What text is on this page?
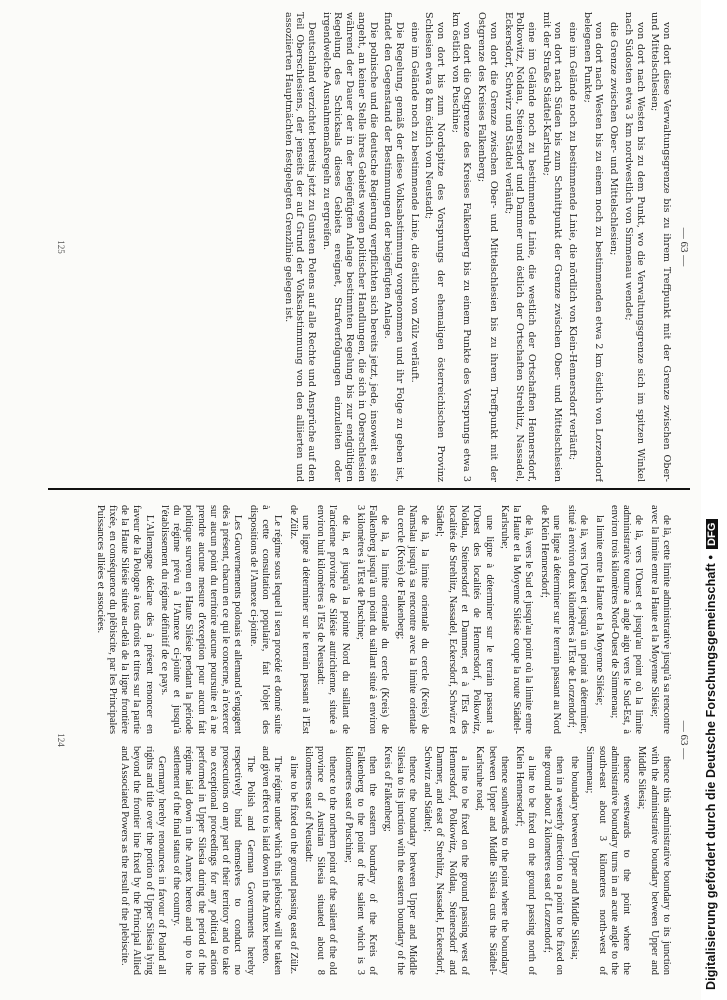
— 63 —

de là, cette limite administrative jusqu'à sa rencontre avec la limite entre la Haute et la Moyenne Silésie;

de là, vers l'Ouest et jusqu'au point où la limite administrative tourne à angle aigu vers le Sud-Est, à environ trois kilomètres Nord-Ouest de Simmenau;

la limite entre la Haute et la Moyenne Silésie;

de là, vers l'Ouest et jusqu'à un point à déterminer, situé à environ deux kilomètres à l'Est de Lorzendorf;

une ligne à déterminer sur le terrain passant au Nord de Klein Hennersdorf;

de là, vers le Sud et jusqu'au point où la limite entre la Haute et la Moyenne Silésie coupe la route Städtel-Karlsruhe;

une ligne à déterminer sur le terrain passant à l'Ouest des localités de Hennersdorf, Polkowitz, Noldau, Steinersdorf et Dammer, et à l'Est des localités de Strehlitz, Nassadel, Eckersdorf, Schwirz et Städtel;

de là, la limite orientale du cercle (Kreis) de Namslau jusqu'à sa rencontre avec la limite orientale du cercle (Kreis) de Falkenberg;

de là, la limite orientale du cercle (Kreis) de Falkenberg jusqu'à un point du saillant situé à environ 3 kilomètres à l'Est de Puschine;

de là, et jusqu'à la pointe Nord du saillant de l'ancienne province de Silésie autrichienne, située à environ huit kilomètres à l'Est de Neustadt:

une ligne à déterminer sur le terrain passant à l'Est de Zülz.

Le régime sous lequel il sera procédé et donné suite à cette consultation populaire, fait l'objet des dispositions de l'Annexe ci-jointe.

Les Gouvernements polonais et allemand s'engagent dès à présent, chacun en ce qui le concerne, à n'exercer sur aucun point du territoire aucune poursuite et à ne prendre aucune mesure d'exception pour aucun fait politique survenu en Haute Silésie pendant la période du régime prévu à l'Annexe ci-jointe et jusqu'à l'établissement du régime définitif de ce pays.

L'Allemagne déclare dès à présent renoncer en faveur de la Pologne à tous droits et titres sur la partie de la Haute Silésie située au-delà de la ligne frontière fixée, en conséquence du plébiscite, par les Principales Puissances alliées et associées.

thence this administrative boundary to its junction with the administrative boundary between Upper and Middle Silesia;

thence westwards to the point where the administrative boundary turns in an acute angle to the south-east about 3 kilometres north-west of Simmenau;

the boundary between Upper and Middle Silesia;

then in a westerly direction to a point to be fixed on the ground about 2 kilometres east of Lorzendorf;

a line to be fixed on the ground passing north of Klein Hennersdorf;

thence southwards to the point where the boundary between Upper and Middle Silesia cuts the Städtel-Karlsruhe road;

a line to be fixed on the ground passing west of Hennersdorf, Polkowitz, Noldau, Steinersdorf and Dammer, and east of Strehlitz, Nassadel, Eckersdorf, Schwirz and Städtel;

thence the boundary between Upper and Middle Silesia to its junction with the eastern boundary of the Kreis of Falkenberg;

then the eastern boundary of the Kreis of Falkenberg to the point of the salient which is 3 kilometres east of Puschine;

thence to the northern point of the salient of the old province of Austrian Silesia situated about 8 kilometres east of Neustadt:

a line to be fixed on the ground passing east of Zülz.

The régime under which this plebiscite will be taken and given effect to is laid down in the Annex hereto.

The Polish and German Governments hereby respectively bind themselves to conduct no prosecutions on any part of their territory and to take no exceptional proceedings for any political action performed in Upper Silesia during the period of the régime laid down in the Annex hereto and up to the settlement of the final status of the country.

Germany hereby renounces in favour of Poland all rights and title over the portion of Upper Silesia lying beyond the frontier line fixed by the Principal Allied and Associated Powers as the result of the plebiscite.

124
— 63 —

von dort diese Verwaltungsgrenze bis zu ihrem Treffpunkt mit der Grenze zwischen Ober- und Mittelschlesien;

von dort nach Westen bis zu dem Punkt, wo die Verwaltungsgrenze sich im spitzen Winkel nach Südosten etwa 3 km nordwestlich von Simmenau wendet;

die Grenze zwischen Ober- und Mittelschlesien;

von dort nach Westen bis zu einem noch zu bestimmenden etwa 2 km östlich von Lorzendorf belegenen Punkte;

eine im Gelände noch zu bestimmende Linie, die nördlich von Klein-Hennersdorf verläuft;

von dort nach Süden bis zum Schnittpunkt der Grenze zwischen Ober- und Mittelschlesien mit der Straße Städtel-Karlsruhe;

eine im Gelände noch zu bestimmende Linie, die westlich der Ortschaften Hennersdorf, Polkowitz, Noldau, Steinersdorf und Dammer und östlich der Ortschaften Strehlitz, Nassadel, Eckersdorf, Schwirz und Städtel verläuft;

von dort die Grenze zwischen Ober- und Mittelschlesien bis zu ihrem Treffpunkt mit der Ostgrenze des Kreises Falkenberg;

von dort die Ostgrenze des Kreises Falkenberg bis zu einem Punkte des Vorsprungs etwa 3 km östlich von Puschine;

von dort bis zum Nordspitze des Vorsprungs der ehemaligen österreichischen Provinz Schlesien etwa 8 km östlich von Neustadt;

eine im Gelände noch zu bestimmende Linie, die östlich von Zülz verläuft.

Die Regelung, gemäß der diese Volksabstimmung vorgenommen und ihr Folge zu geben ist, findet den Gegenstand der Bestimmungen der beigefügten Anlage.

Die polnische und die deutsche Regierung verpflichten sich bereits jetzt, jede, insoweit es sie angeht, an keiner Stelle ihres Gebiets wegen politischer Handlungen, die sich in Oberschlesien während der Dauer der in der beigefügten Anlage bestimmten Regelung bis zur endgültigen Regelung des Schicksals dieses Gebiets ereignet, Strafverfolgungen einzuleiten oder irgendwelche Ausnahmemaßregeln zu ergreifen.

Deutschland verzichtet bereits jetzt zu Gunsten Polens auf alle Rechte und Ansprüche auf den Teil Oberschlesiens, der jenseits der auf Grund der Volksabstimmung von den alliierten und assoziierten Hauptmächten festgelegten Grenzlinie gelegen ist.

125
Digitalisierung gefördert durch die Deutsche Forschungsgemeinschaft •DFG
